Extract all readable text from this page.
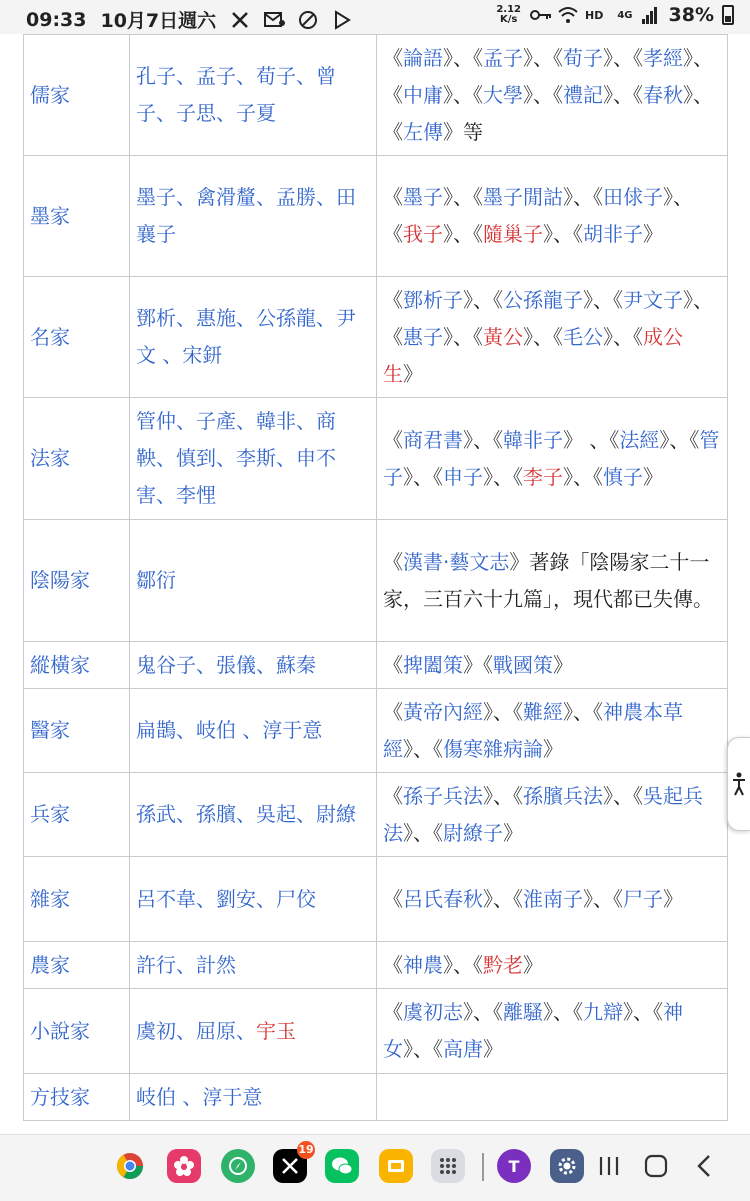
09:33 10月7日週六
2.12
K/s	HD 4G 38%
儒家	孔子、孟子、荀子、曾子、子思、子夏	《論語》、《孟子》、《荀子》、《孝經》、《中庸》、《大學》、《禮記》、《春秋》、《左傳》等
墨家	墨子、禽滑釐、孟勝、田襄子	《墨子》、《墨子閒詁》、《田俅子》、《我子》、《隨巢子》、《胡非子》
名家	鄧析、惠施、公孫龍、尹文 、宋鈃	《鄧析子》、《公孫龍子》、《尹文子》、《惠子》、《黃公》、《毛公》、《成公生》
法家	管仲、子產、韓非、商鞅、慎到、李斯、申不害、李悝	《商君書》、《韓非子》 、《法經》、《管子》、《申子》、《李子》、《慎子》
陰陽家	鄒衍	《漢書·藝文志》著錄「陰陽家二十一家，三百六十九篇」，現代都已失傳。
縱橫家	鬼谷子、張儀、蘇秦	《捭闔策》《戰國策》
醫家	扁鵲、岐伯 、淳于意	《黃帝內經》、《難經》、《神農本草經》、《傷寒雜病論》
兵家	孫武、孫臏、吳起、尉繚	《孫子兵法》、《孫臏兵法》、《吳起兵法》、《尉繚子》
雜家	呂不韋、劉安、尸佼	《呂氏春秋》、《淮南子》、《尸子》
農家	許行、計然	《神農》、《黔老》
小說家	虞初、屈原、宇玉	《虞初志》、《離騷》、《九辯》、《神女》、《高唐》
方技家	岐伯 、淳于意	
19
T
